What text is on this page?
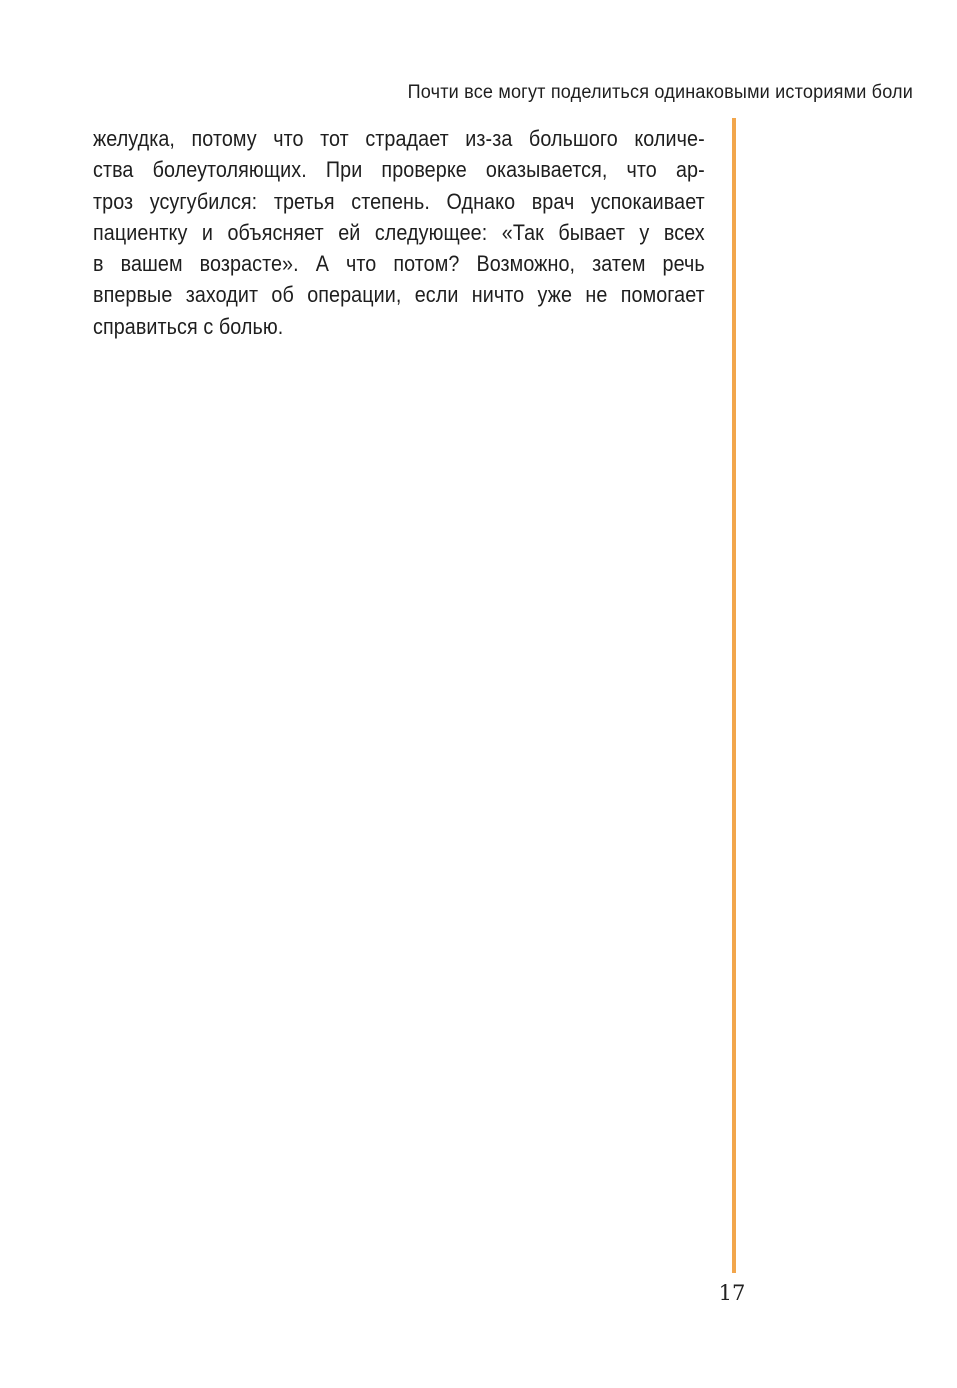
Почти все могут поделиться одинаковыми историями боли

желудка, потому что тот страдает из-за большого количе-

ства болеутоляющих. При проверке оказывается, что ар-

троз усугубился: третья степень. Однако врач успокаивает

пациентку и объясняет ей следующее: «Так бывает у всех

в вашем возрасте». А что потом? Возможно, затем речь

впервые заходит об операции, если ничто уже не помогает

справиться с болью.

17
